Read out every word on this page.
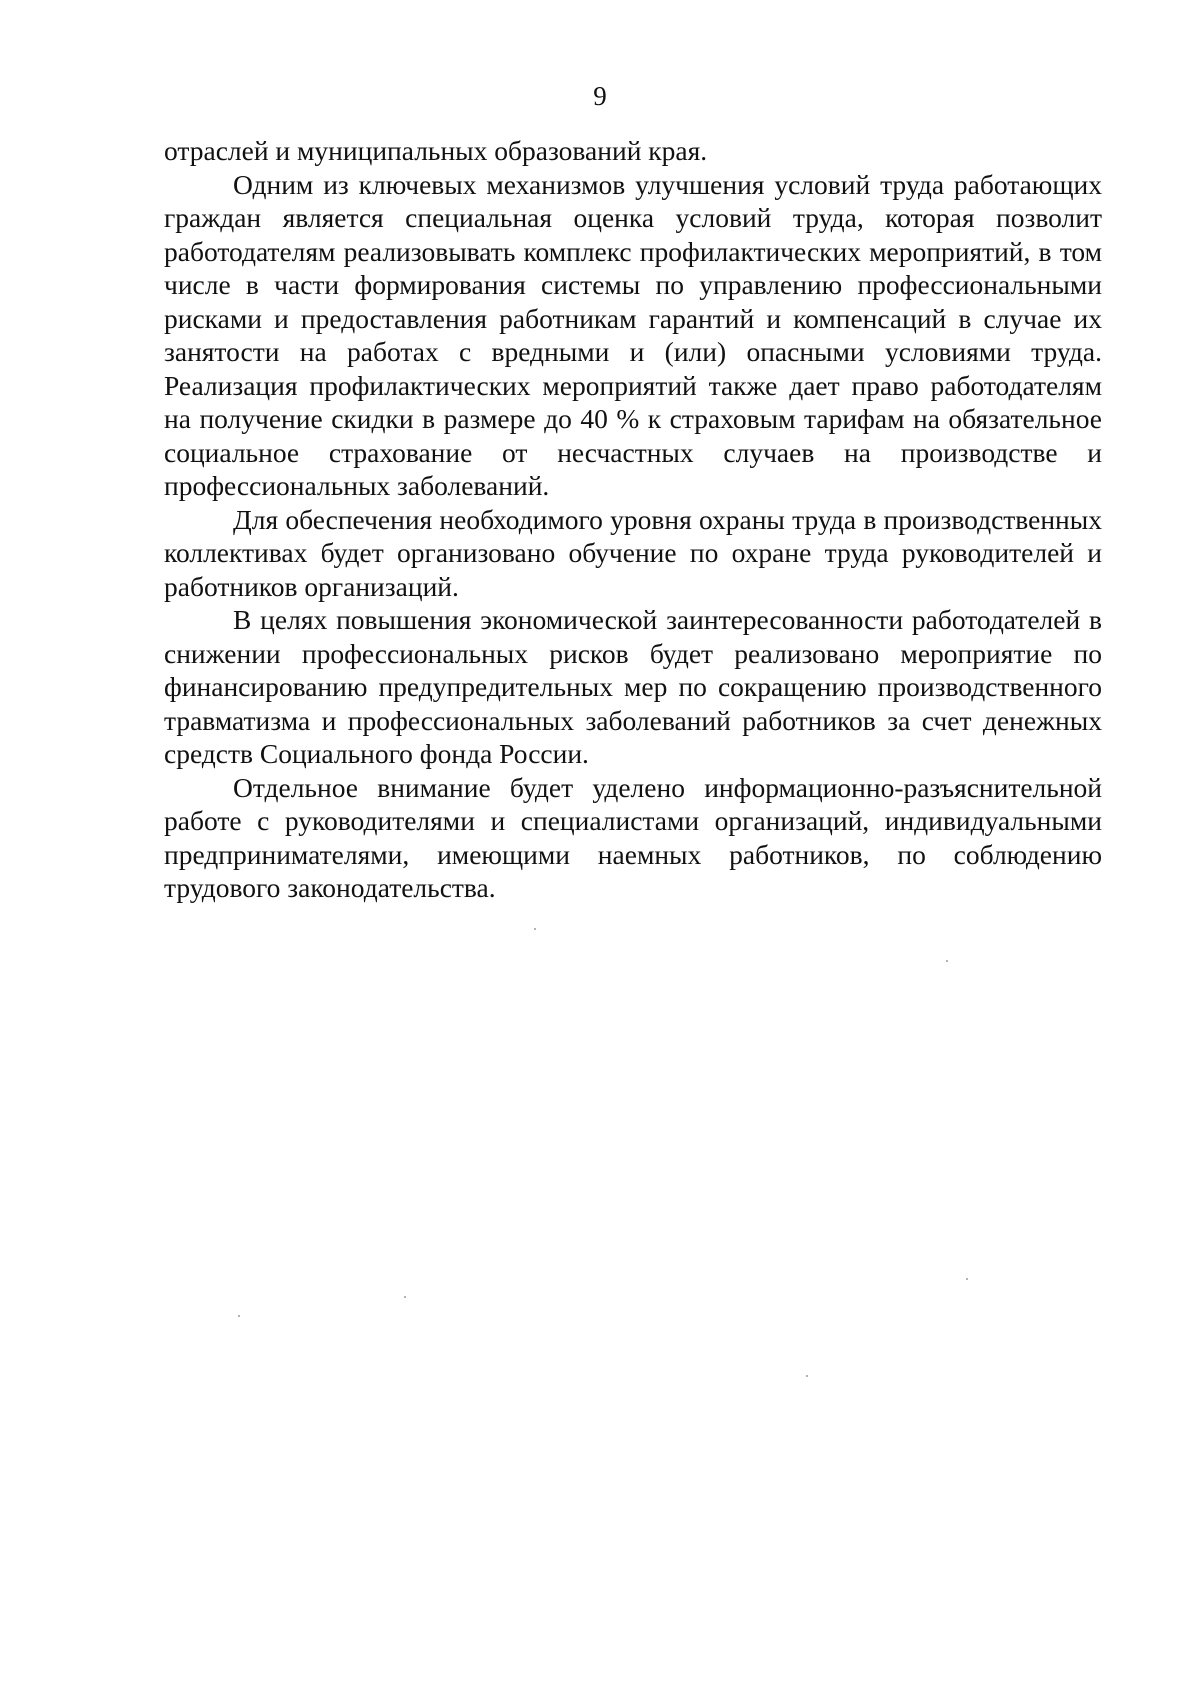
9

отраслей и муниципальных образований края.

Одним из ключевых механизмов улучшения условий труда работающих граждан является специальная оценка условий труда, которая позволит работодателям реализовывать комплекс профилактических мероприятий, в том числе в части формирования системы по управлению профессиональными рисками и предоставления работникам гарантий и компенсаций в случае их занятости на работах с вредными и (или) опасными условиями труда. Реализация профилактических мероприятий также дает право работодателям на получение скидки в размере до 40 % к страховым тарифам на обязательное социальное страхование от несчастных случаев на производстве и профессиональных заболеваний.

Для обеспечения необходимого уровня охраны труда в производственных коллективах будет организовано обучение по охране труда руководителей и работников организаций.

В целях повышения экономической заинтересованности работодателей в снижении профессиональных рисков будет реализовано мероприятие по финансированию предупредительных мер по сокращению производственного травматизма и профессиональных заболеваний работников за счет денежных средств Социального фонда России.

Отдельное внимание будет уделено информационно-разъяснительной работе с руководителями и специалистами организаций, индивидуальными предпринимателями, имеющими наемных работников, по соблюдению трудового законодательства.
